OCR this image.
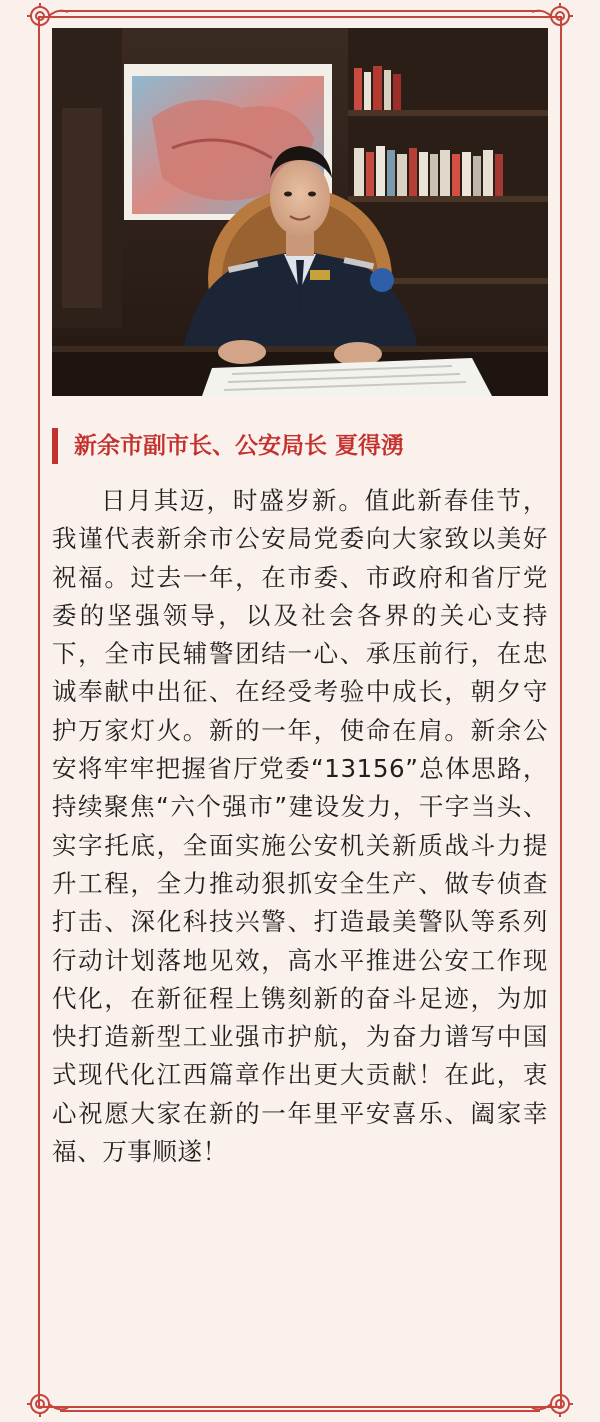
新余市副市长、公安局长 夏得湧

日月其迈，时盛岁新。值此新春佳节，我谨代表新余市公安局党委向大家致以美好祝福。过去一年，在市委、市政府和省厅党委的坚强领导，以及社会各界的关心支持下，全市民辅警团结一心、承压前行，在忠诚奉献中出征、在经受考验中成长，朝夕守护万家灯火。新的一年，使命在肩。新余公安将牢牢把握省厅党委“13156”总体思路，持续聚焦“六个强市”建设发力，干字当头、实字托底，全面实施公安机关新质战斗力提升工程，全力推动狠抓安全生产、做专侦查打击、深化科技兴警、打造最美警队等系列行动计划落地见效，高水平推进公安工作现代化，在新征程上镌刻新的奋斗足迹，为加快打造新型工业强市护航，为奋力谱写中国式现代化江西篇章作出更大贡献！在此，衷心祝愿大家在新的一年里平安喜乐、阖家幸福、万事顺遂！
